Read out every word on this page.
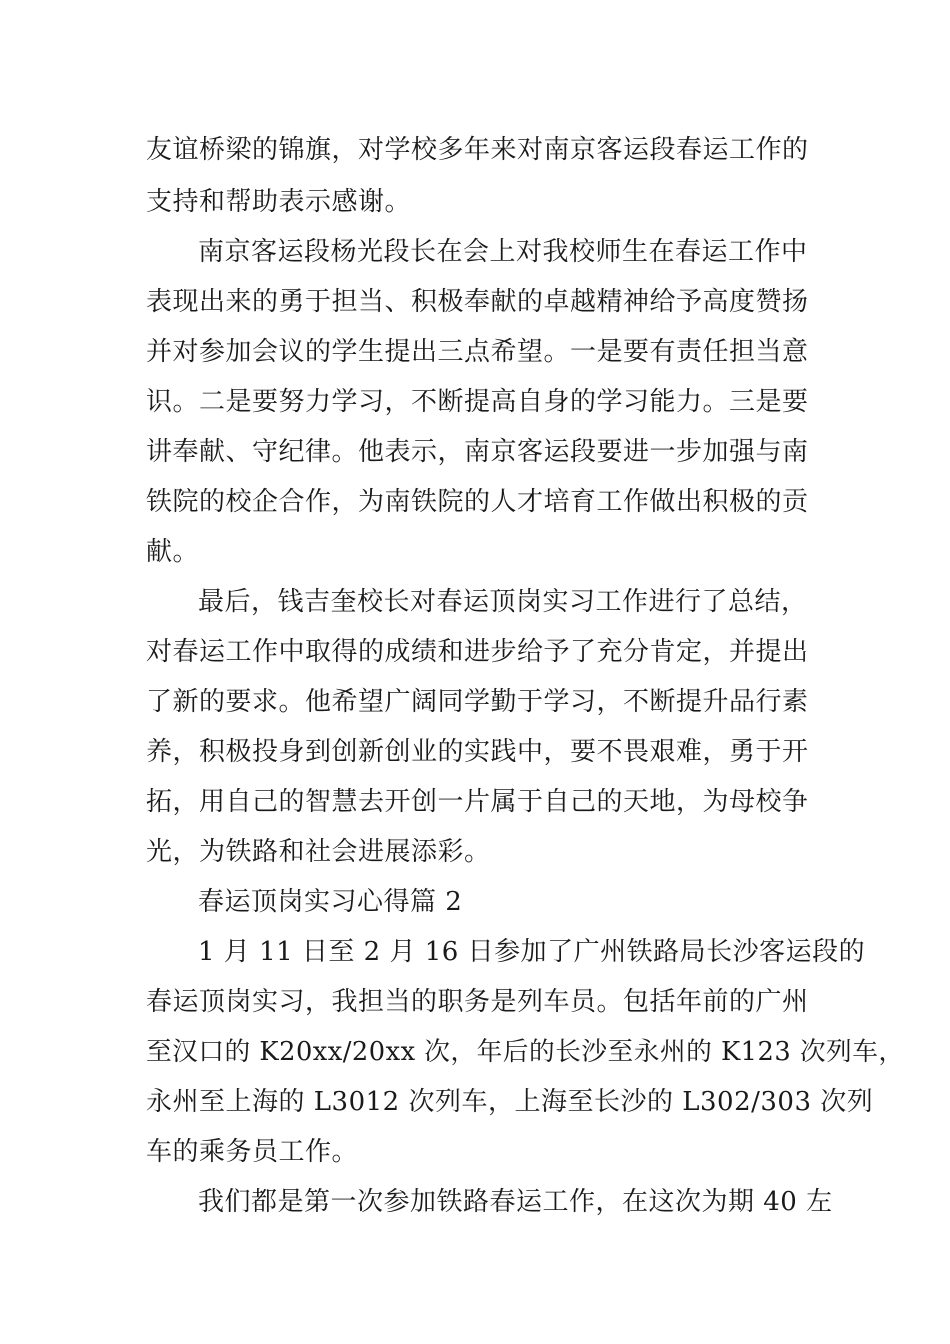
友谊桥梁的锦旗，对学校多年来对南京客运段春运工作的
支持和帮助表示感谢。
南京客运段杨光段长在会上对我校师生在春运工作中
表现出来的勇于担当、积极奉献的卓越精神给予高度赞扬
并对参加会议的学生提出三点希望。一是要有责任担当意
识。二是要努力学习，不断提高自身的学习能力。三是要
讲奉献、守纪律。他表示，南京客运段要进一步加强与南
铁院的校企合作，为南铁院的人才培育工作做出积极的贡
献。
最后，钱吉奎校长对春运顶岗实习工作进行了总结，
对春运工作中取得的成绩和进步给予了充分肯定，并提出
了新的要求。他希望广阔同学勤于学习，不断提升品行素
养，积极投身到创新创业的实践中，要不畏艰难，勇于开
拓，用自己的智慧去开创一片属于自己的天地，为母校争
光，为铁路和社会进展添彩。
春运顶岗实习心得篇 2
1 月 11 日至 2 月 16 日参加了广州铁路局长沙客运段的
春运顶岗实习，我担当的职务是列车员。包括年前的广州
至汉口的 K20xx/20xx 次，年后的长沙至永州的 K123 次列车，
永州至上海的 L3012 次列车，上海至长沙的 L302/303 次列
车的乘务员工作。
我们都是第一次参加铁路春运工作，在这次为期 40 左
